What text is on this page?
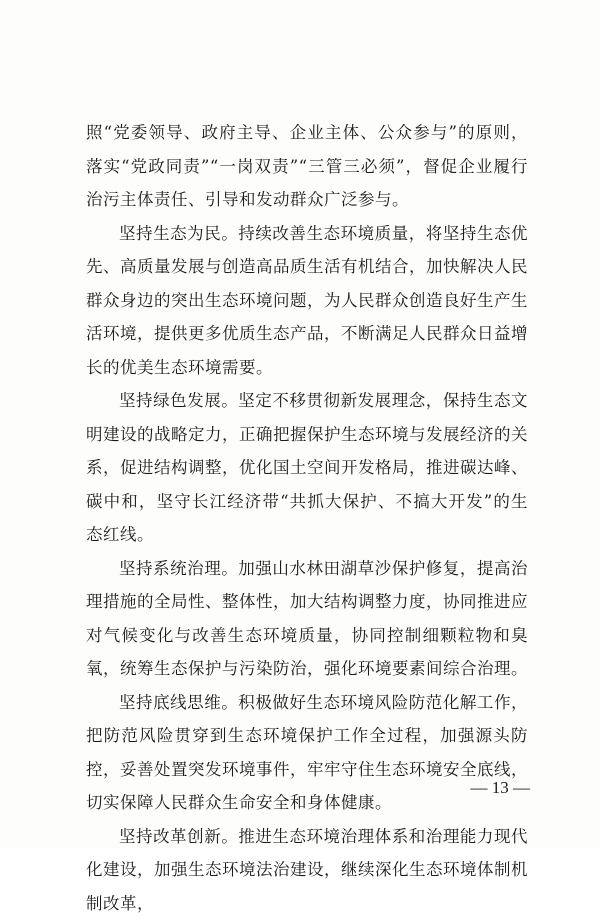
照“党委领导、政府主导、企业主体、公众参与”的原则，落实“党政同责”“一岗双责”“三管三必须”，督促企业履行治污主体责任、引导和发动群众广泛参与。

坚持生态为民。持续改善生态环境质量，将坚持生态优先、高质量发展与创造高品质生活有机结合，加快解决人民群众身边的突出生态环境问题，为人民群众创造良好生产生活环境，提供更多优质生态产品，不断满足人民群众日益增长的优美生态环境需要。

坚持绿色发展。坚定不移贯彻新发展理念，保持生态文明建设的战略定力，正确把握保护生态环境与发展经济的关系，促进结构调整，优化国土空间开发格局，推进碳达峰、碳中和，坚守长江经济带“共抓大保护、不搞大开发”的生态红线。

坚持系统治理。加强山水林田湖草沙保护修复，提高治理措施的全局性、整体性，加大结构调整力度，协同推进应对气候变化与改善生态环境质量，协同控制细颗粒物和臭氧，统筹生态保护与污染防治，强化环境要素间综合治理。

坚持底线思维。积极做好生态环境风险防范化解工作，把防范风险贯穿到生态环境保护工作全过程，加强源头防控，妥善处置突发环境事件，牢牢守住生态环境安全底线，切实保障人民群众生命安全和身体健康。

坚持改革创新。推进生态环境治理体系和治理能力现代化建设，加强生态环境法治建设，继续深化生态环境体制机制改革，

— 13 —
